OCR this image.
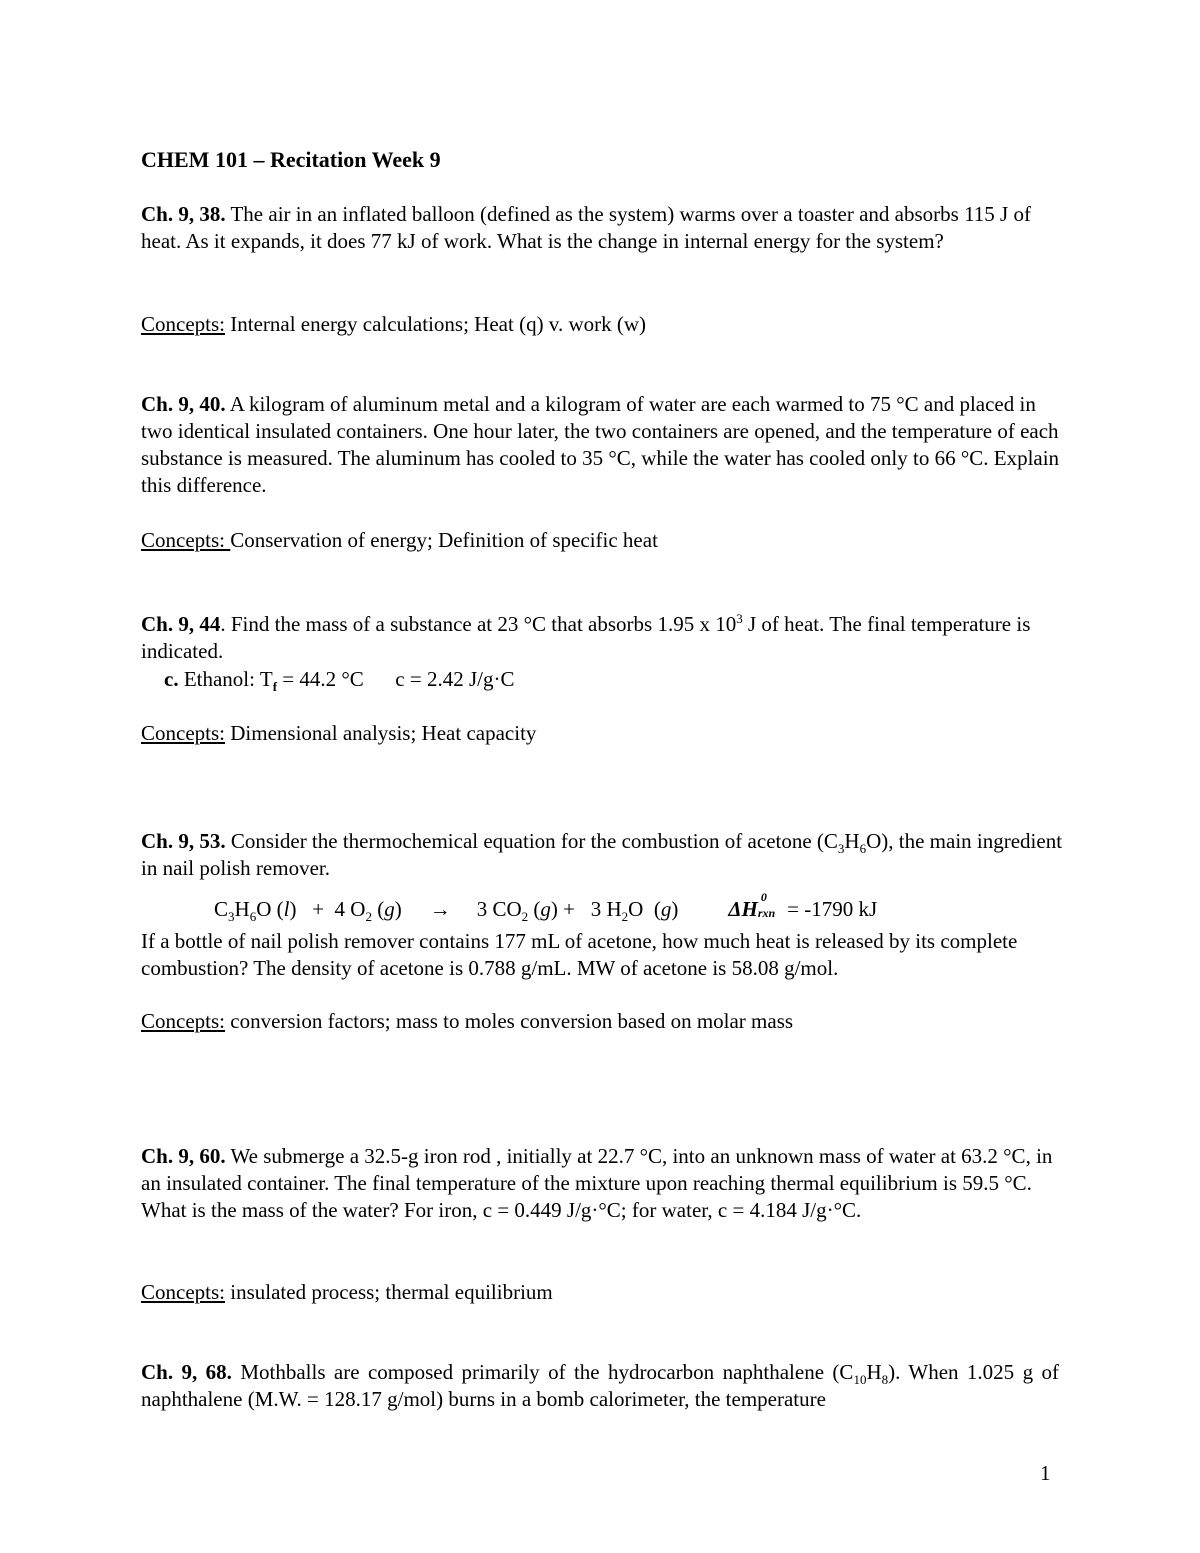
CHEM 101 – Recitation Week 9
Ch. 9, 38. The air in an inflated balloon (defined as the system) warms over a toaster and absorbs 115 J of heat. As it expands, it does 77 kJ of work. What is the change in internal energy for the system?
Concepts: Internal energy calculations; Heat (q) v. work (w)
Ch. 9, 40. A kilogram of aluminum metal and a kilogram of water are each warmed to 75 °C and placed in two identical insulated containers. One hour later, the two containers are opened, and the temperature of each substance is measured. The aluminum has cooled to 35 °C, while the water has cooled only to 66 °C. Explain this difference.
Concepts: Conservation of energy; Definition of specific heat
Ch. 9, 44. Find the mass of a substance at 23 °C that absorbs 1.95 x $10^3$ J of heat. The final temperature is indicated.
c. Ethanol: $T_f = 44.2$ °C      c = 2.42 J/g·C
Concepts: Dimensional analysis; Heat capacity
Ch. 9, 53. Consider the thermochemical equation for the combustion of acetone $(C_3H_6O)$, the main ingredient in nail polish remover.
$C_3H_6O$ (l)   +  4 $O_2$ (g) → 3 $CO_2$ (g) +   3 $H_2O$  (g) ΔH 0
rxn = -1790 kJ
If a bottle of nail polish remover contains 177 mL of acetone, how much heat is released by its complete combustion? The density of acetone is 0.788 g/mL. MW of acetone is 58.08 g/mol.
Concepts: conversion factors; mass to moles conversion based on molar mass
Ch. 9, 60. We submerge a 32.5-g iron rod , initially at 22.7 °C, into an unknown mass of water at 63.2 °C, in an insulated container. The final temperature of the mixture upon reaching thermal equilibrium is 59.5 °C. What is the mass of the water? For iron, c = 0.449 J/g·°C; for water, c = 4.184 J/g·°C.
Concepts: insulated process; thermal equilibrium
Ch. 9, 68. Mothballs are composed primarily of the hydrocarbon naphthalene $(C_{10}H_8)$. When 1.025 g of naphthalene (M.W. = 128.17 g/mol) burns in a bomb calorimeter, the temperature
1
